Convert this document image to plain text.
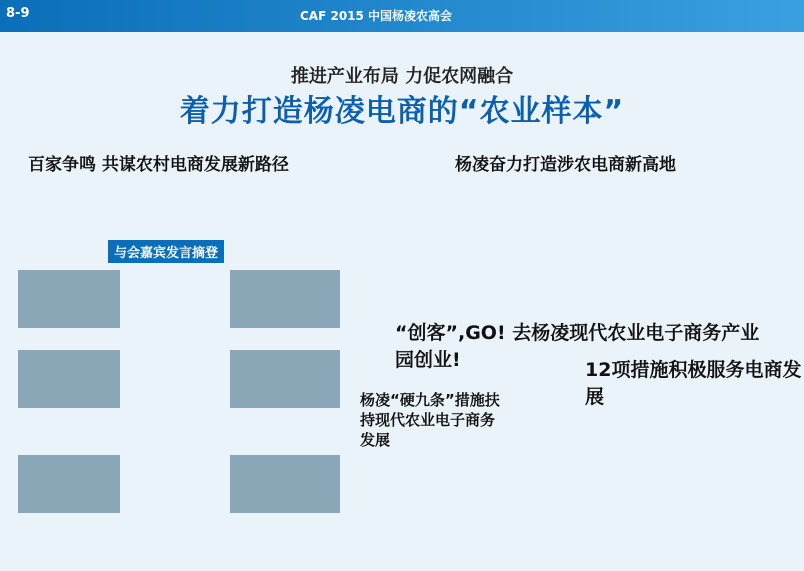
8-9	CAF 2015 中国杨凌农高会
推进产业布局 力促农网融合
着力打造杨凌电商的“农业样本”
百家争鸣 共谋农村电商发展新路径	杨凌奋力打造涉农电商新高地
与会嘉宾发言摘登
杨凌“硬九条”措施扶持现代农业电子商务发展
“创客”,GO! 去杨凌现代农业电子商务产业园创业!	12项措施积极服务电商发展
